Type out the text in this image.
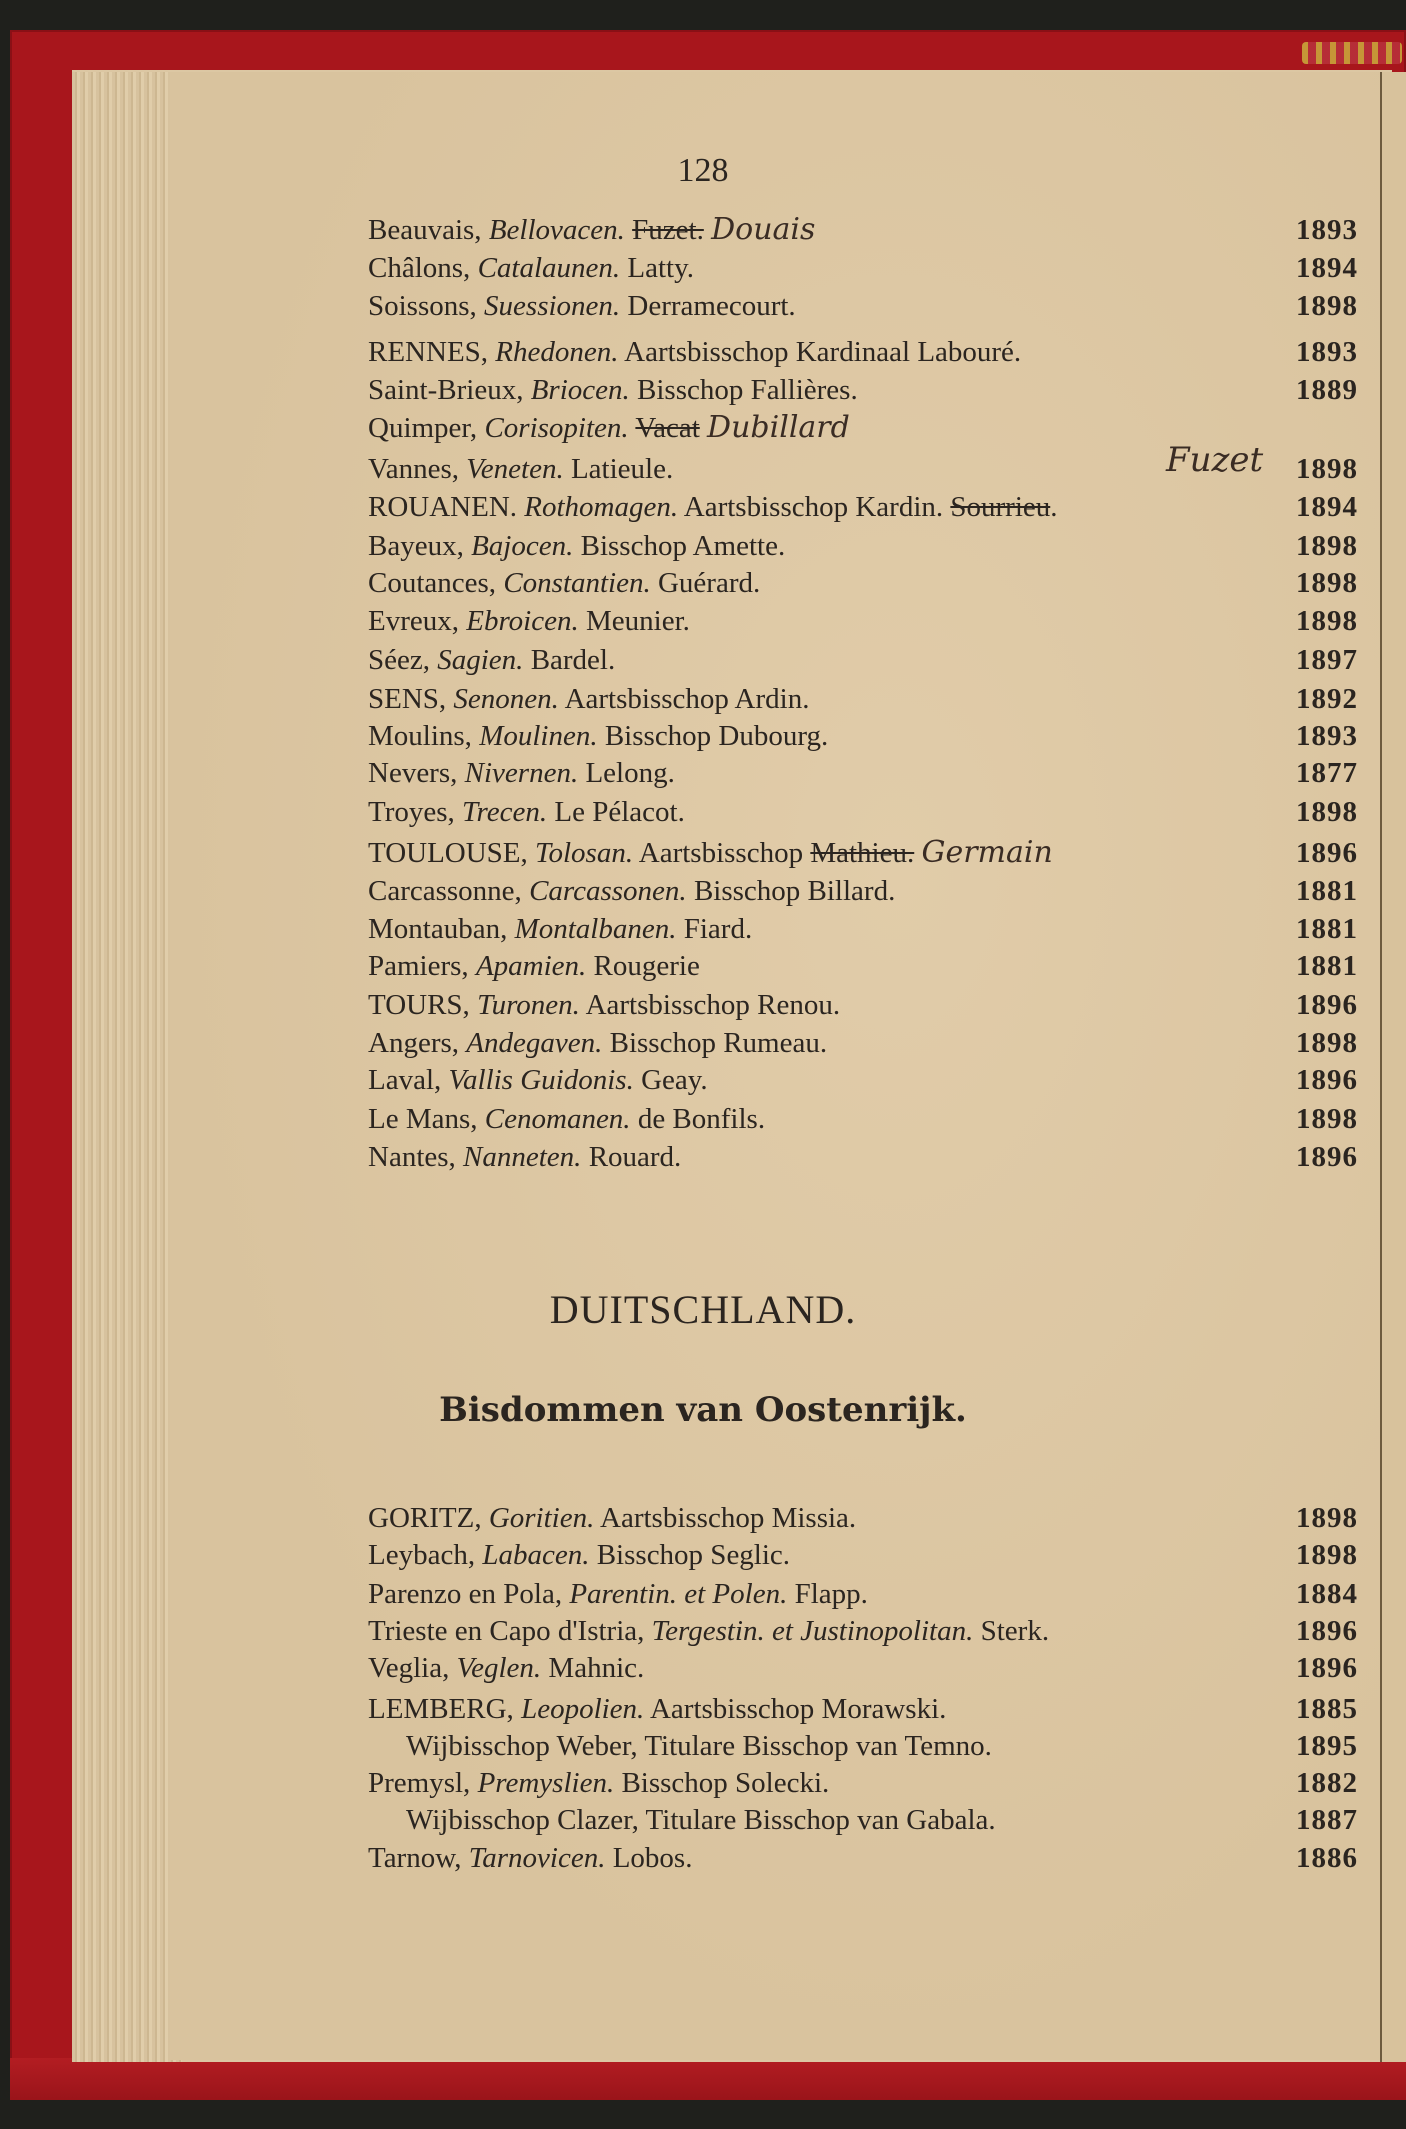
128
Beauvais, Bellovacen. Fuzet. Douais	1893
Châlons, Catalaunen. Latty.	1894
Soissons, Suessionen. Derramecourt.	1898
RENNES, Rhedonen. Aartsbisschop Kardinaal Labouré.	1893
Saint-Brieux, Briocen. Bisschop Fallières.	1889
Quimper, Corisopiten. Vacat Dubillard
Vannes, Veneten. Latieule.	1898
ROUANEN. Rothomagen. Aartsbisschop Kardin. Sourrieu.	1894
Bayeux, Bajocen. Bisschop Amette.	1898
Coutances, Constantien. Guérard.	1898
Evreux, Ebroicen. Meunier.	1898
Séez, Sagien. Bardel.	1897
SENS, Senonen. Aartsbisschop Ardin.	1892
Moulins, Moulinen. Bisschop Dubourg.	1893
Nevers, Nivernen. Lelong.	1877
Troyes, Trecen. Le Pélacot.	1898
TOULOUSE, Tolosan. Aartsbisschop Mathieu. Germain	1896
Carcassonne, Carcassonen. Bisschop Billard.	1881
Montauban, Montalbanen. Fiard.	1881
Pamiers, Apamien. Rougerie	1881
TOURS, Turonen. Aartsbisschop Renou.	1896
Angers, Andegaven. Bisschop Rumeau.	1898
Laval, Vallis Guidonis. Geay.	1896
Le Mans, Cenomanen. de Bonfils.	1898
Nantes, Nanneten. Rouard.	1896
Fuzet
DUITSCHLAND.
Bisdommen van Oostenrijk.
GORITZ, Goritien. Aartsbisschop Missia.	1898
Leybach, Labacen. Bisschop Seglic.	1898
Parenzo en Pola, Parentin. et Polen. Flapp.	1884
Trieste en Capo d'Istria, Tergestin. et Justinopolitan. Sterk.	1896
Veglia, Veglen. Mahnic.	1896
LEMBERG, Leopolien. Aartsbisschop Morawski.	1885
Wijbisschop Weber, Titulare Bisschop van Temno.	1895
Premysl, Premyslien. Bisschop Solecki.	1882
Wijbisschop Clazer, Titulare Bisschop van Gabala.	1887
Tarnow, Tarnovicen. Lobos.	1886
